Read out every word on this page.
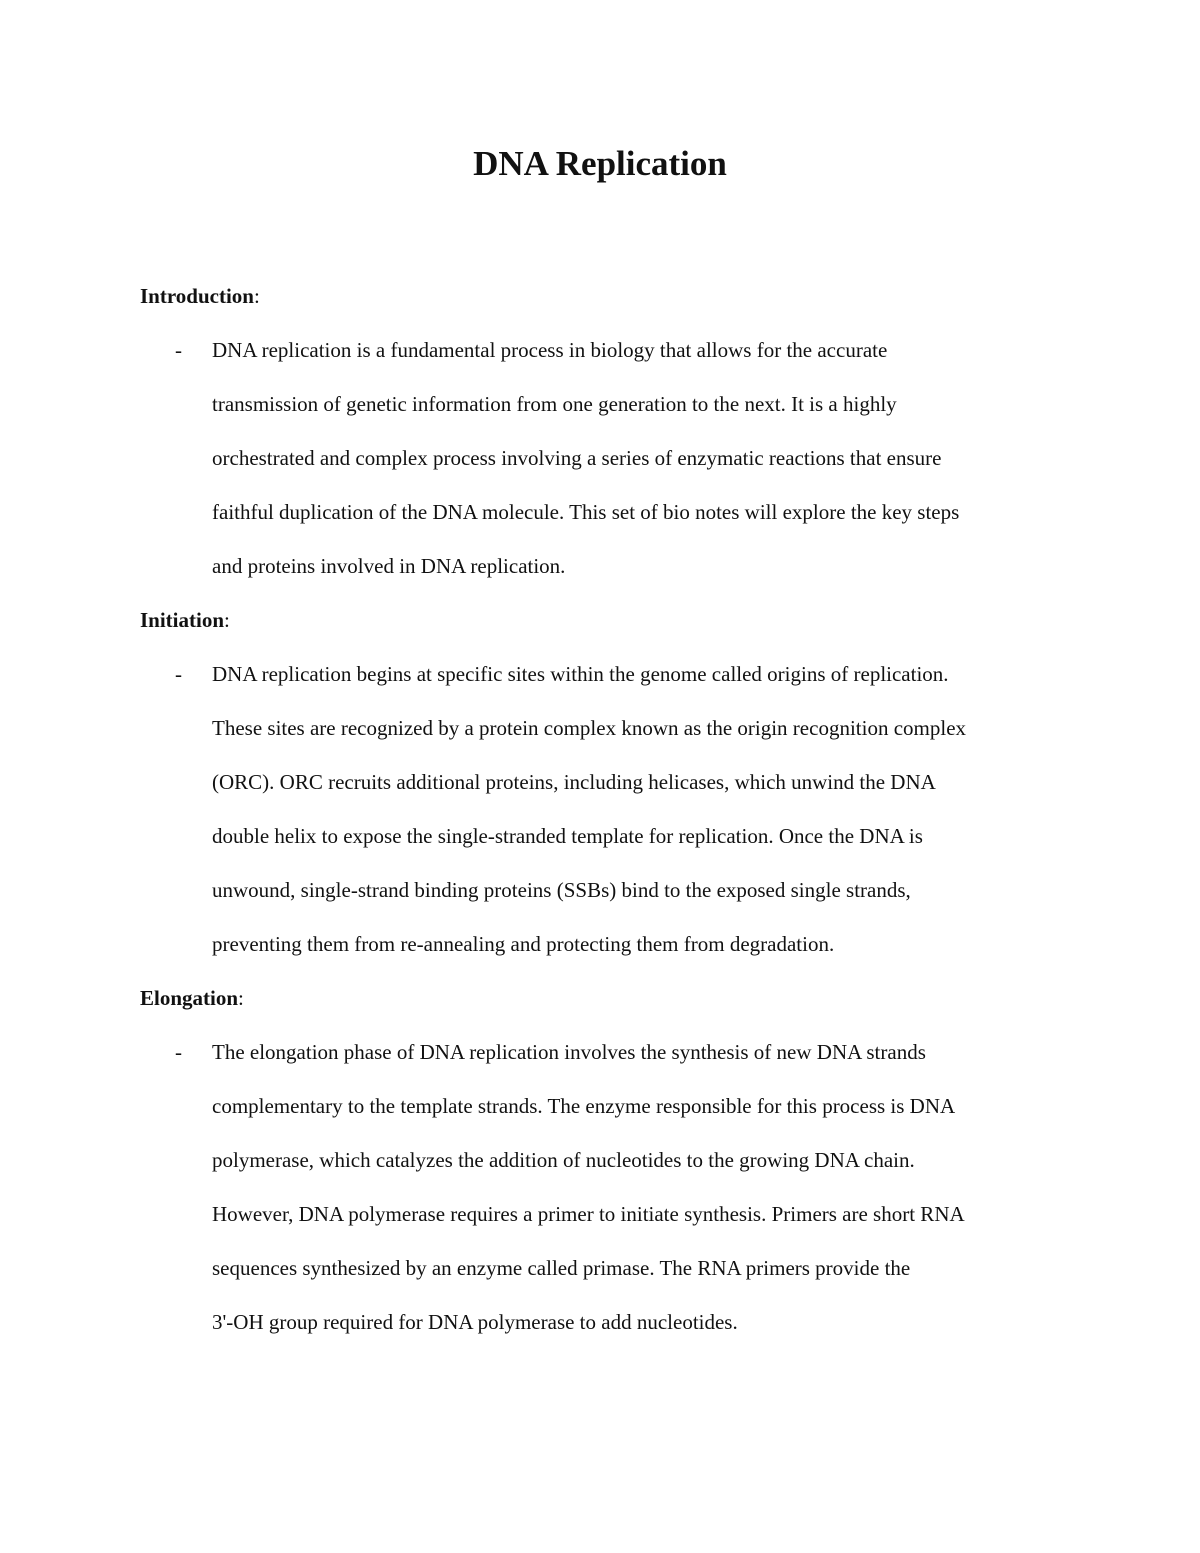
DNA Replication

Introduction:

- DNA replication is a fundamental process in biology that allows for the accurate
transmission of genetic information from one generation to the next. It is a highly
orchestrated and complex process involving a series of enzymatic reactions that ensure
faithful duplication of the DNA molecule. This set of bio notes will explore the key steps
and proteins involved in DNA replication.

Initiation:

- DNA replication begins at specific sites within the genome called origins of replication.
These sites are recognized by a protein complex known as the origin recognition complex
(ORC). ORC recruits additional proteins, including helicases, which unwind the DNA
double helix to expose the single-stranded template for replication. Once the DNA is
unwound, single-strand binding proteins (SSBs) bind to the exposed single strands,
preventing them from re-annealing and protecting them from degradation.

Elongation:

- The elongation phase of DNA replication involves the synthesis of new DNA strands
complementary to the template strands. The enzyme responsible for this process is DNA
polymerase, which catalyzes the addition of nucleotides to the growing DNA chain.
However, DNA polymerase requires a primer to initiate synthesis. Primers are short RNA
sequences synthesized by an enzyme called primase. The RNA primers provide the
3'-OH group required for DNA polymerase to add nucleotides.
